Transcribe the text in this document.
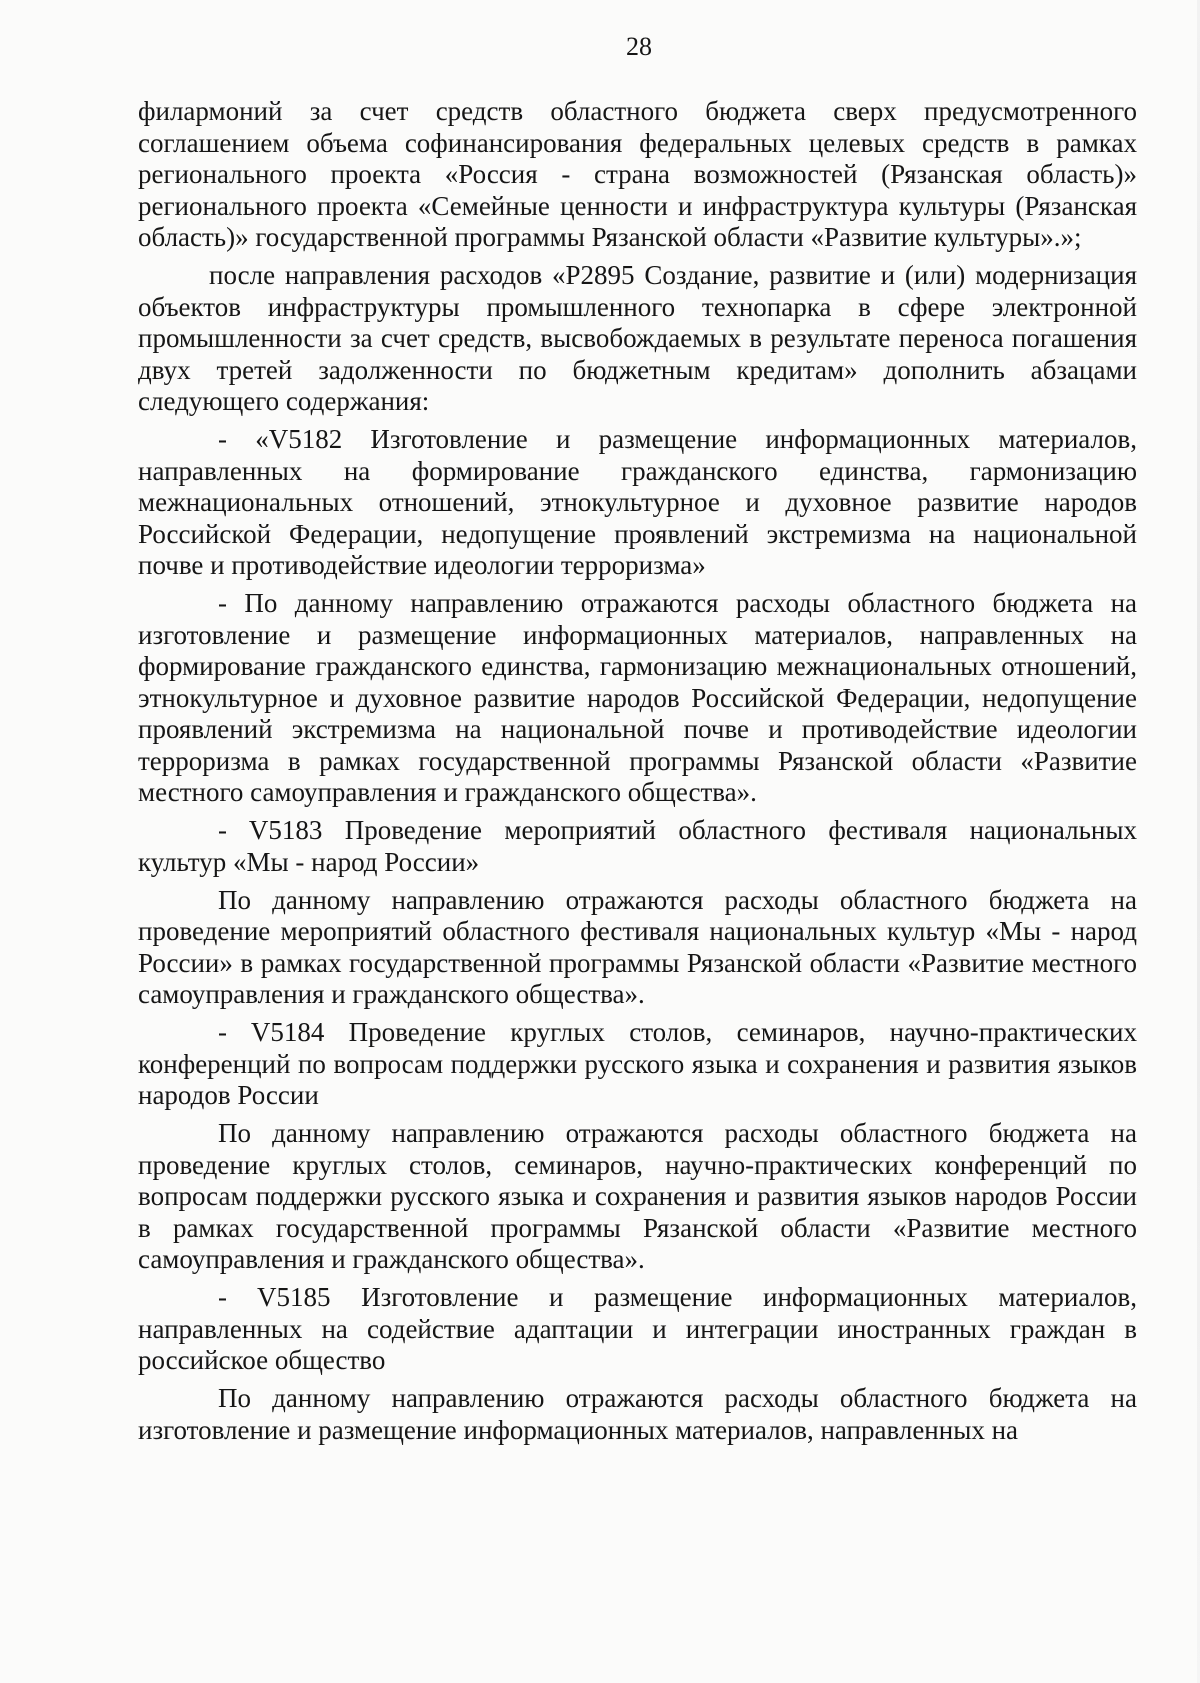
28

филармоний за счет средств областного бюджета сверх предусмотренного соглашением объема софинансирования федеральных целевых средств в рамках регионального проекта «Россия - страна возможностей (Рязанская область)» регионального проекта «Семейные ценности и инфраструктура культуры (Рязанская область)» государственной программы Рязанской области «Развитие культуры».»;

после направления расходов «P2895 Создание, развитие и (или) модернизация объектов инфраструктуры промышленного технопарка в сфере электронной промышленности за счет средств, высвобождаемых в результате переноса погашения двух третей задолженности по бюджетным кредитам» дополнить абзацами следующего содержания:

- «V5182 Изготовление и размещение информационных материалов, направленных на формирование гражданского единства, гармонизацию межнациональных отношений, этнокультурное и духовное развитие народов Российской Федерации, недопущение проявлений экстремизма на национальной почве и противодействие идеологии терроризма»

- По данному направлению отражаются расходы областного бюджета на изготовление и размещение информационных материалов, направленных на формирование гражданского единства, гармонизацию межнациональных отношений, этнокультурное и духовное развитие народов Российской Федерации, недопущение проявлений экстремизма на национальной почве и противодействие идеологии терроризма в рамках государственной программы Рязанской области «Развитие местного самоуправления и гражданского общества».

- V5183 Проведение мероприятий областного фестиваля национальных культур «Мы - народ России»

По данному направлению отражаются расходы областного бюджета на проведение мероприятий областного фестиваля национальных культур «Мы - народ России» в рамках государственной программы Рязанской области «Развитие местного самоуправления и гражданского общества».

- V5184 Проведение круглых столов, семинаров, научно-практических конференций по вопросам поддержки русского языка и сохранения и развития языков народов России

По данному направлению отражаются расходы областного бюджета на проведение круглых столов, семинаров, научно-практических конференций по вопросам поддержки русского языка и сохранения и развития языков народов России в рамках государственной программы Рязанской области «Развитие местного самоуправления и гражданского общества».

- V5185 Изготовление и размещение информационных материалов, направленных на содействие адаптации и интеграции иностранных граждан в российское общество

По данному направлению отражаются расходы областного бюджета на изготовление и размещение информационных материалов, направленных на
